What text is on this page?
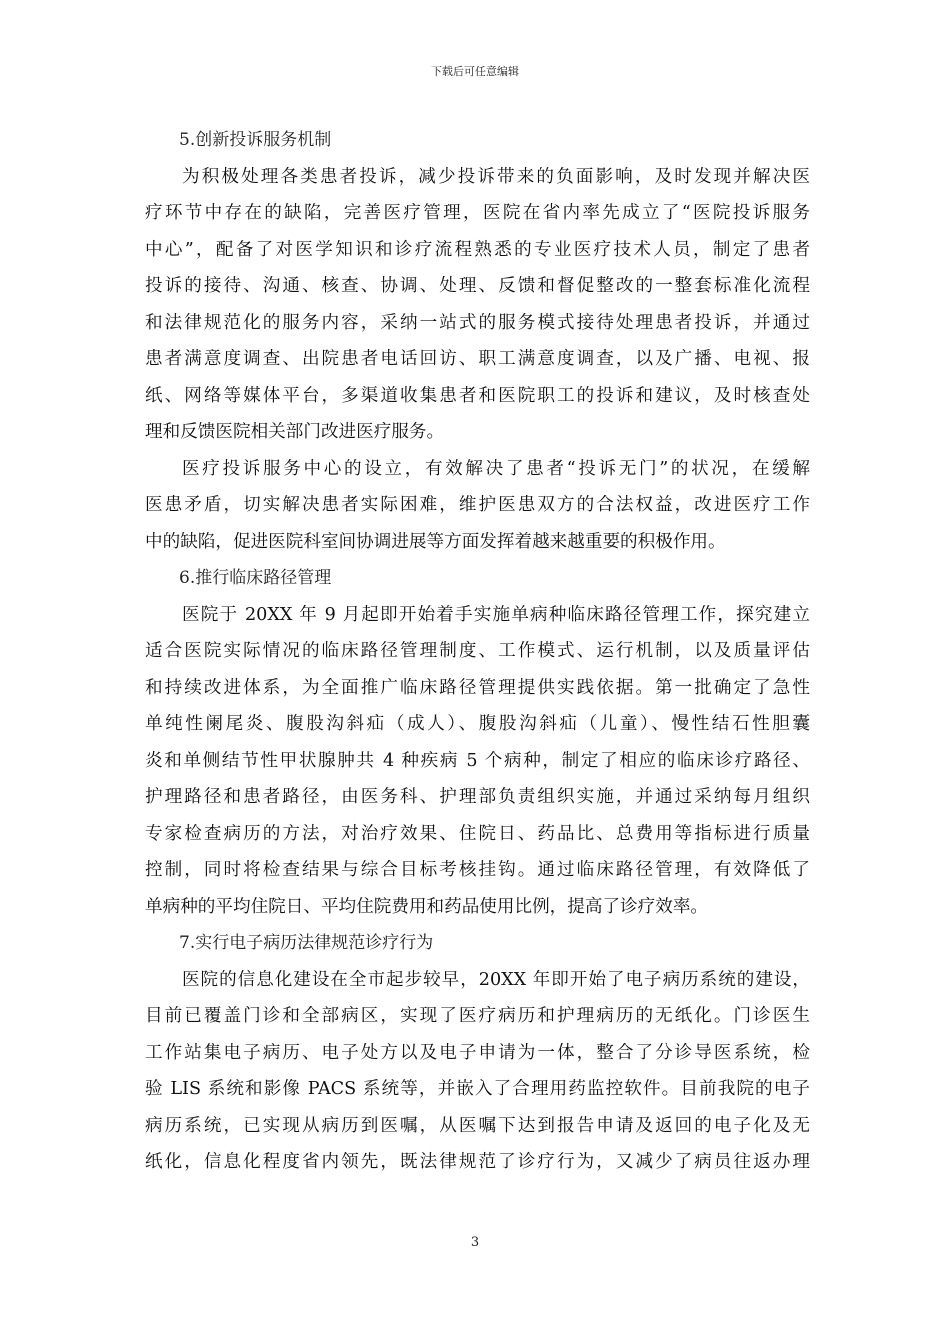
下载后可任意编辑
5.创新投诉服务机制
为积极处理各类患者投诉，减少投诉带来的负面影响，及时发现并解决医
疗环节中存在的缺陷，完善医疗管理，医院在省内率先成立了“医院投诉服务
中心”，配备了对医学知识和诊疗流程熟悉的专业医疗技术人员，制定了患者
投诉的接待、沟通、核查、协调、处理、反馈和督促整改的一整套标准化流程
和法律规范化的服务内容，采纳一站式的服务模式接待处理患者投诉，并通过
患者满意度调查、出院患者电话回访、职工满意度调查，以及广播、电视、报
纸、网络等媒体平台，多渠道收集患者和医院职工的投诉和建议，及时核查处
理和反馈医院相关部门改进医疗服务。
医疗投诉服务中心的设立，有效解决了患者“投诉无门”的状况，在缓解
医患矛盾，切实解决患者实际困难，维护医患双方的合法权益，改进医疗工作
中的缺陷，促进医院科室间协调进展等方面发挥着越来越重要的积极作用。
6.推行临床路径管理
医院于 20XX 年 9 月起即开始着手实施单病种临床路径管理工作，探究建立
适合医院实际情况的临床路径管理制度、工作模式、运行机制，以及质量评估
和持续改进体系，为全面推广临床路径管理提供实践依据。第一批确定了急性
单纯性阑尾炎、腹股沟斜疝（成人）、腹股沟斜疝（儿童）、慢性结石性胆囊
炎和单侧结节性甲状腺肿共 4 种疾病 5 个病种，制定了相应的临床诊疗路径、
护理路径和患者路径，由医务科、护理部负责组织实施，并通过采纳每月组织
专家检查病历的方法，对治疗效果、住院日、药品比、总费用等指标进行质量
控制，同时将检查结果与综合目标考核挂钩。通过临床路径管理，有效降低了
单病种的平均住院日、平均住院费用和药品使用比例，提高了诊疗效率。
7.实行电子病历法律规范诊疗行为
医院的信息化建设在全市起步较早，20XX 年即开始了电子病历系统的建设，
目前已覆盖门诊和全部病区，实现了医疗病历和护理病历的无纸化。门诊医生
工作站集电子病历、电子处方以及电子申请为一体，整合了分诊导医系统，检
验 LIS 系统和影像 PACS 系统等，并嵌入了合理用药监控软件。目前我院的电子
病历系统，已实现从病历到医嘱，从医嘱下达到报告申请及返回的电子化及无
纸化，信息化程度省内领先，既法律规范了诊疗行为，又减少了病员往返办理
3
